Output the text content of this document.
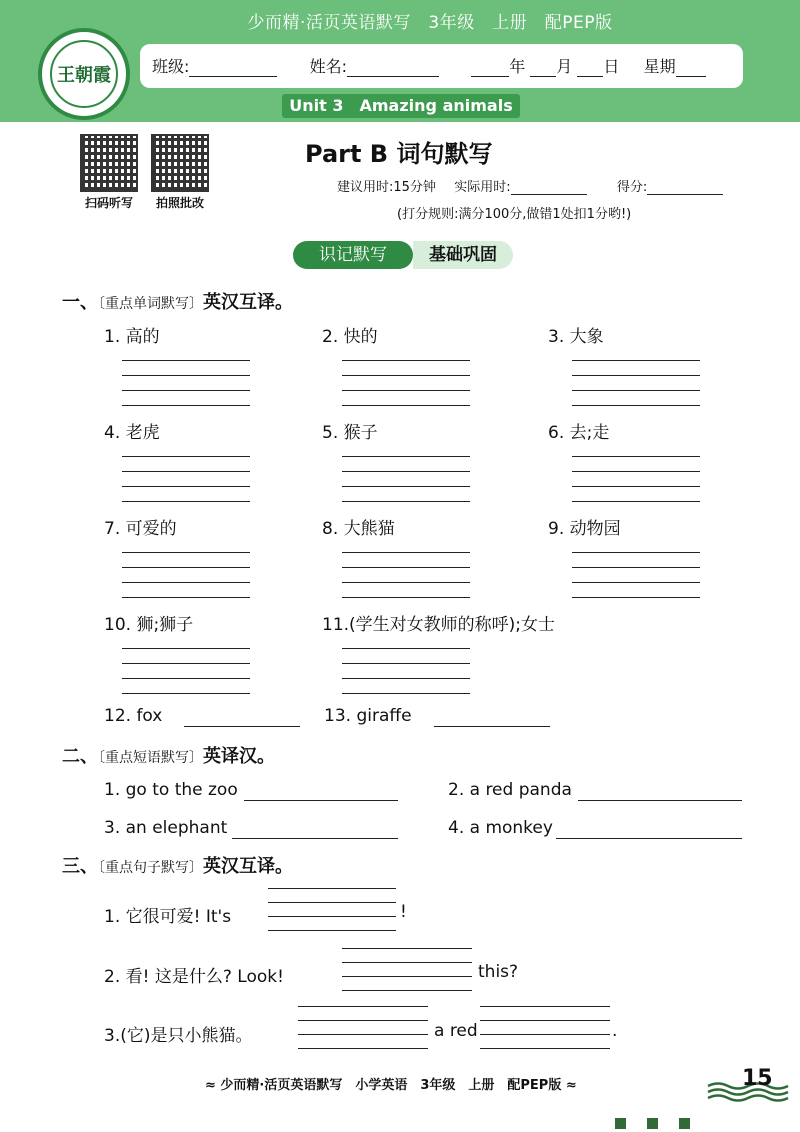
少而精·活页英语默写　3年级　上册　配PEP版
王朝霞	班级:	姓名:	年 月 日 星期
Unit 3　Amazing animals
扫码听写	拍照批改
Part B 词句默写
建议用时:15分钟 实际用时:	得分:
(打分规则:满分100分,做错1处扣1分哟!)
识记默写	基础巩固
一、〔重点单词默写〕英汉互译。
1. 高的	2. 快的	3. 大象
4. 老虎	5. 猴子	6. 去;走
7. 可爱的	8. 大熊猫	9. 动物园
10. 狮;狮子	11.(学生对女教师的称呼);女士
12. fox	13. giraffe
二、〔重点短语默写〕英译汉。
1. go to the zoo	2. a red panda
3. an elephant	4. a monkey
三、〔重点句子默写〕英汉互译。
1. 它很可爱! It's	!
2. 看! 这是什么? Look!	this?
3.(它)是只小熊猫。	a red	.
≈ 少而精·活页英语默写　小学英语　3年级　上册　配PEP版 ≈	15
